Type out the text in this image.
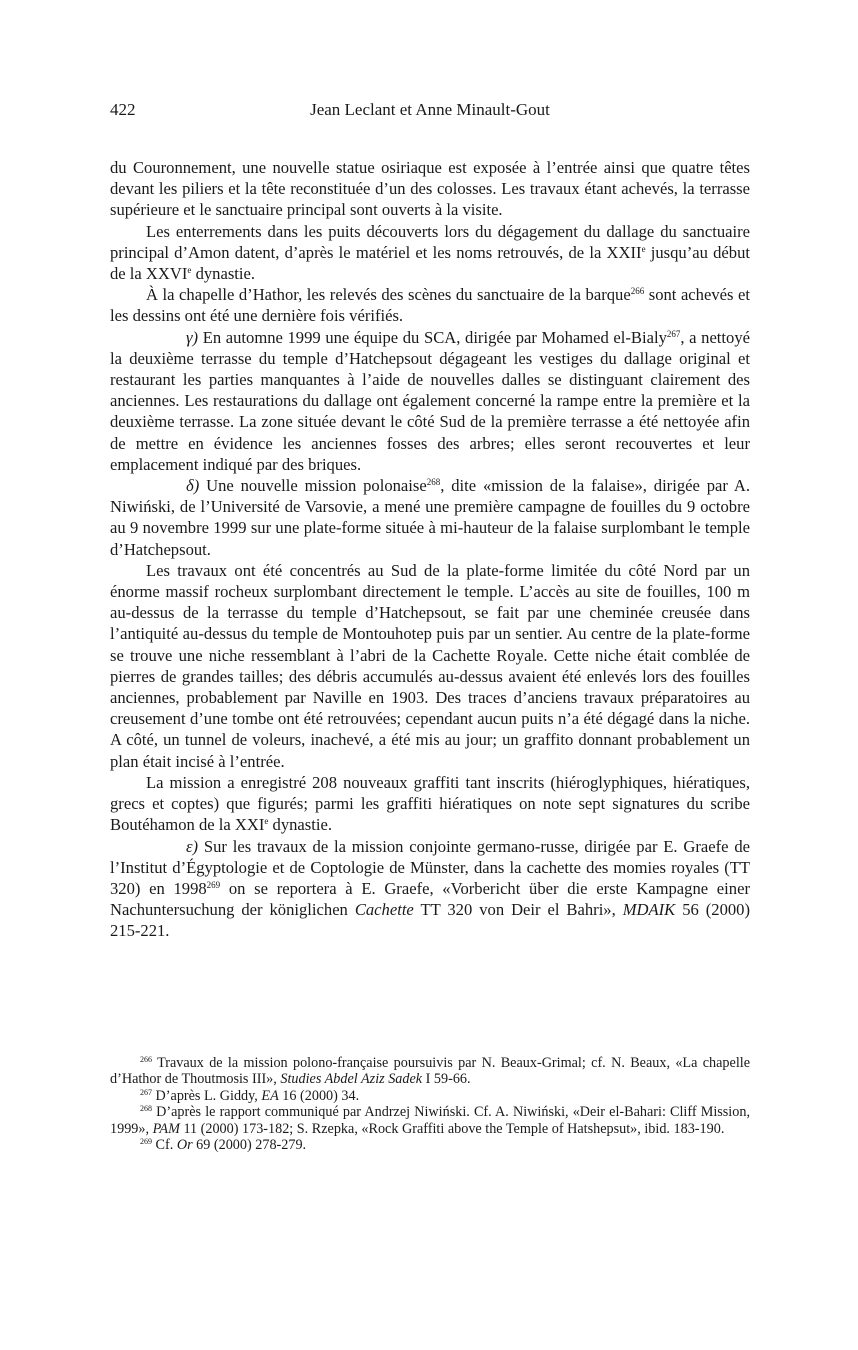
422	Jean Leclant et Anne Minault-Gout

du Couronnement, une nouvelle statue osiriaque est exposée à l’entrée ainsi que quatre têtes devant les piliers et la tête reconstituée d’un des colosses. Les travaux étant achevés, la terrasse supérieure et le sanctuaire principal sont ouverts à la visite.

Les enterrements dans les puits découverts lors du dégagement du dallage du sanctuaire principal d’Amon datent, d’après le matériel et les noms retrouvés, de la XXIIe jusqu’au début de la XXVIe dynastie.

À la chapelle d’Hathor, les relevés des scènes du sanctuaire de la barque$^{266}$ sont achevés et les dessins ont été une dernière fois vérifiés.

γ) En automne 1999 une équipe du SCA, dirigée par Mohamed el-Bialy$^{267}$, a nettoyé la deuxième terrasse du temple d’Hatchepsout dégageant les vestiges du dallage original et restaurant les parties manquantes à l’aide de nouvelles dalles se distinguant clairement des anciennes. Les restaurations du dallage ont également concerné la rampe entre la première et la deuxième terrasse. La zone située devant le côté Sud de la première terrasse a été nettoyée afin de mettre en évidence les anciennes fosses des arbres; elles seront recouvertes et leur emplacement indiqué par des briques.

δ) Une nouvelle mission polonaise$^{268}$, dite «mission de la falaise», dirigée par A. Niwiński, de l’Université de Varsovie, a mené une première campagne de fouilles du 9 octobre au 9 novembre 1999 sur une plate-forme située à mi-hauteur de la falaise surplombant le temple d’Hatchepsout.

Les travaux ont été concentrés au Sud de la plate-forme limitée du côté Nord par un énorme massif rocheux surplombant directement le temple. L’accès au site de fouilles, 100 m au-dessus de la terrasse du temple d’Hatchepsout, se fait par une cheminée creusée dans l’antiquité au-dessus du temple de Montouhotep puis par un sentier. Au centre de la plate-forme se trouve une niche ressemblant à l’abri de la Cachette Royale. Cette niche était comblée de pierres de grandes tailles; des débris accumulés au-dessus avaient été enlevés lors des fouilles anciennes, probablement par Naville en 1903. Des traces d’anciens travaux préparatoires au creusement d’une tombe ont été retrouvées; cependant aucun puits n’a été dégagé dans la niche. A côté, un tunnel de voleurs, inachevé, a été mis au jour; un graffito donnant probablement un plan était incisé à l’entrée.

La mission a enregistré 208 nouveaux graffiti tant inscrits (hiéroglyphiques, hiératiques, grecs et coptes) que figurés; parmi les graffiti hiératiques on note sept signatures du scribe Boutéhamon de la XXIe dynastie.

ε) Sur les travaux de la mission conjointe germano-russe, dirigée par E. Graefe de l’Institut d’Égyptologie et de Coptologie de Münster, dans la cachette des momies royales (TT 320) en 1998$^{269}$ on se reportera à E. Graefe, «Vorbericht über die erste Kampagne einer Nachuntersuchung der königlichen Cachette TT 320 von Deir el Bahri», MDAIK 56 (2000) 215-221.

$^{266}$ Travaux de la mission polono-française poursuivis par N. Beaux-Grimal; cf. N. Beaux, «La chapelle d’Hathor de Thoutmosis III», Studies Abdel Aziz Sadek I 59-66.

$^{267}$ D’après L. Giddy, EA 16 (2000) 34.

$^{268}$ D’après le rapport communiqué par Andrzej Niwiński. Cf. A. Niwiński, «Deir el-Bahari: Cliff Mission, 1999», PAM 11 (2000) 173-182; S. Rzepka, «Rock Graffiti above the Temple of Hatshepsut», ibid. 183-190.

$^{269}$ Cf. Or 69 (2000) 278-279.
